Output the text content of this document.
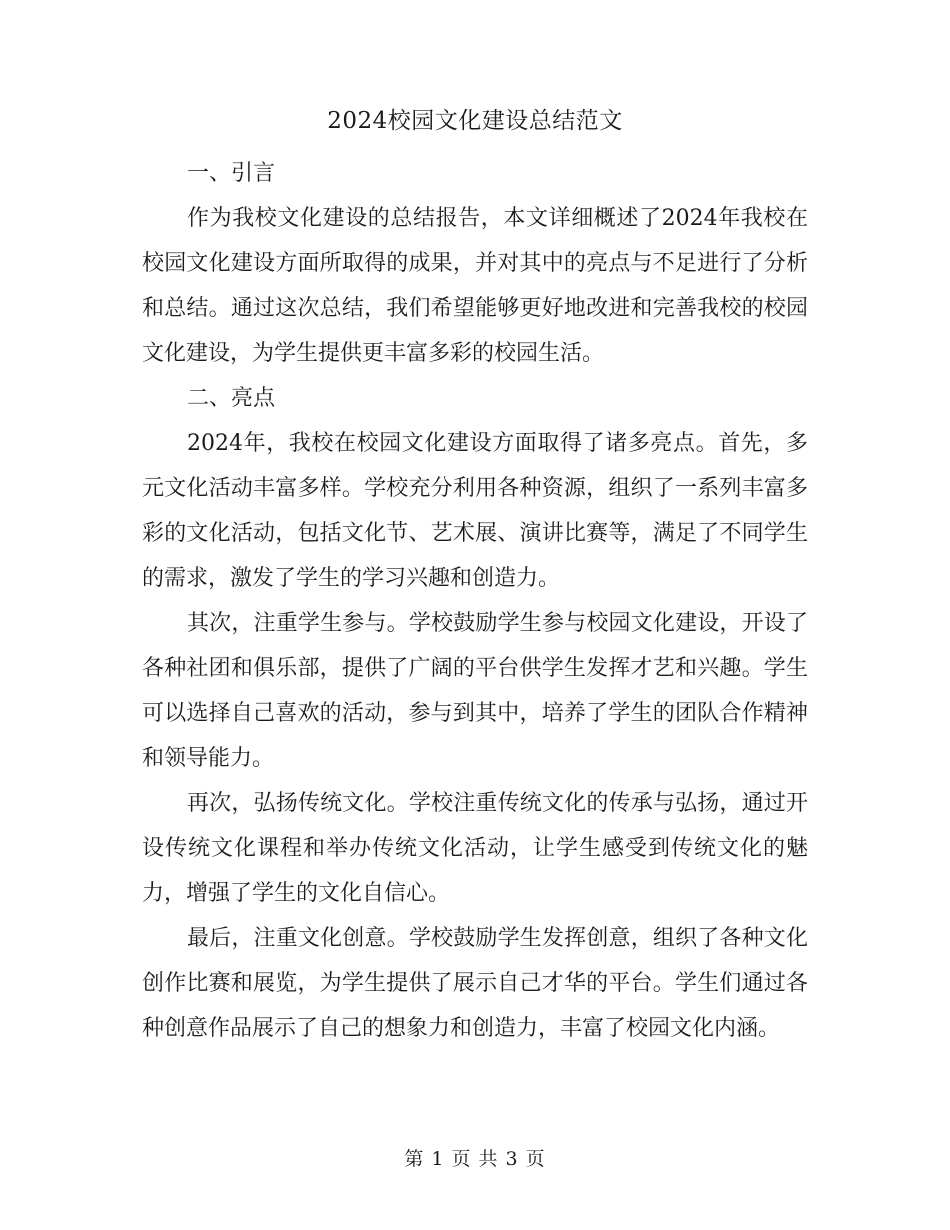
2024校园文化建设总结范文

一、引言

作为我校文化建设的总结报告，本文详细概述了2024年我校在校园文化建设方面所取得的成果，并对其中的亮点与不足进行了分析和总结。通过这次总结，我们希望能够更好地改进和完善我校的校园文化建设，为学生提供更丰富多彩的校园生活。

二、亮点

2024年，我校在校园文化建设方面取得了诸多亮点。首先，多元文化活动丰富多样。学校充分利用各种资源，组织了一系列丰富多彩的文化活动，包括文化节、艺术展、演讲比赛等，满足了不同学生的需求，激发了学生的学习兴趣和创造力。

其次，注重学生参与。学校鼓励学生参与校园文化建设，开设了各种社团和俱乐部，提供了广阔的平台供学生发挥才艺和兴趣。学生可以选择自己喜欢的活动，参与到其中，培养了学生的团队合作精神和领导能力。

再次，弘扬传统文化。学校注重传统文化的传承与弘扬，通过开设传统文化课程和举办传统文化活动，让学生感受到传统文化的魅力，增强了学生的文化自信心。

最后，注重文化创意。学校鼓励学生发挥创意，组织了各种文化创作比赛和展览，为学生提供了展示自己才华的平台。学生们通过各种创意作品展示了自己的想象力和创造力，丰富了校园文化内涵。

第 1 页 共 3 页
